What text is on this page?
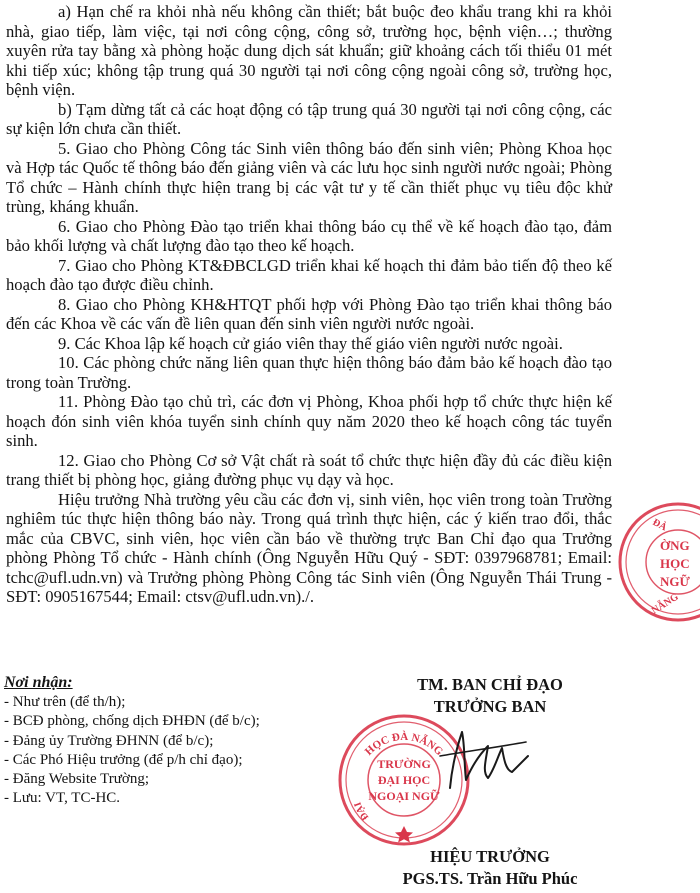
a) Hạn chế ra khỏi nhà nếu không cần thiết; bắt buộc đeo khẩu trang khi ra khỏi nhà, giao tiếp, làm việc, tại nơi công cộng, công sở, trường học, bệnh viện…; thường xuyên rửa tay bằng xà phòng hoặc dung dịch sát khuẩn; giữ khoảng cách tối thiểu 01 mét khi tiếp xúc; không tập trung quá 30 người tại nơi công cộng ngoài công sở, trường học, bệnh viện.

b) Tạm dừng tất cả các hoạt động có tập trung quá 30 người tại nơi công cộng, các sự kiện lớn chưa cần thiết.

5. Giao cho Phòng Công tác Sinh viên thông báo đến sinh viên; Phòng Khoa học và Hợp tác Quốc tế thông báo đến giảng viên và các lưu học sinh người nước ngoài; Phòng Tổ chức – Hành chính thực hiện trang bị các vật tư y tế cần thiết phục vụ tiêu độc khử trùng, kháng khuẩn.

6. Giao cho Phòng Đào tạo triển khai thông báo cụ thể về kế hoạch đào tạo, đảm bảo khối lượng và chất lượng đào tạo theo kế hoạch.

7. Giao cho Phòng KT&ĐBCLGD triển khai kế hoạch thi đảm bảo tiến độ theo kế hoạch đào tạo được điều chỉnh.

8. Giao cho Phòng KH&HTQT phối hợp với Phòng Đào tạo triển khai thông báo đến các Khoa về các vấn đề liên quan đến sinh viên người nước ngoài.

9. Các Khoa lập kế hoạch cử giáo viên thay thế giáo viên người nước ngoài.

10. Các phòng chức năng liên quan thực hiện thông báo đảm bảo kế hoạch đào tạo trong toàn Trường.

11. Phòng Đào tạo chủ trì, các đơn vị Phòng, Khoa phối hợp tổ chức thực hiện kế hoạch đón sinh viên khóa tuyển sinh chính quy năm 2020 theo kế hoạch công tác tuyển sinh.

12. Giao cho Phòng Cơ sở Vật chất rà soát tổ chức thực hiện đầy đủ các điều kiện trang thiết bị phòng học, giảng đường phục vụ dạy và học.

Hiệu trưởng Nhà trường yêu cầu các đơn vị, sinh viên, học viên trong toàn Trường nghiêm túc thực hiện thông báo này. Trong quá trình thực hiện, các ý kiến trao đổi, thắc mắc của CBVC, sinh viên, học viên cần báo về thường trực Ban Chỉ đạo qua Trưởng phòng Phòng Tổ chức - Hành chính (Ông Nguyễn Hữu Quý - SĐT: 0397968781; Email: tchc@ufl.udn.vn) và Trưởng phòng Phòng Công tác Sinh viên (Ông Nguyễn Thái Trung - SĐT: 0905167544; Email: ctsv@ufl.udn.vn)./.

Nơi nhận:
- Như trên (để th/h);
- BCĐ phòng, chống dịch ĐHĐN (để b/c);
- Đảng ủy Trường ĐHNN (để b/c);
- Các Phó Hiệu trưởng (để p/h chỉ đạo);
- Đăng Website Trường;
- Lưu: VT, TC-HC.
TM. BAN CHỈ ĐẠO
TRƯỞNG BAN
HỌC ĐÀ NẴNG
ĐẠI
TRƯỜNG
ĐẠI HỌC
NGOẠI NGỮ
ĐÀ
ỜNG
HỌC
NGỮ
NẴNG
HIỆU TRƯỞNG
PGS.TS. Trần Hữu Phúc
